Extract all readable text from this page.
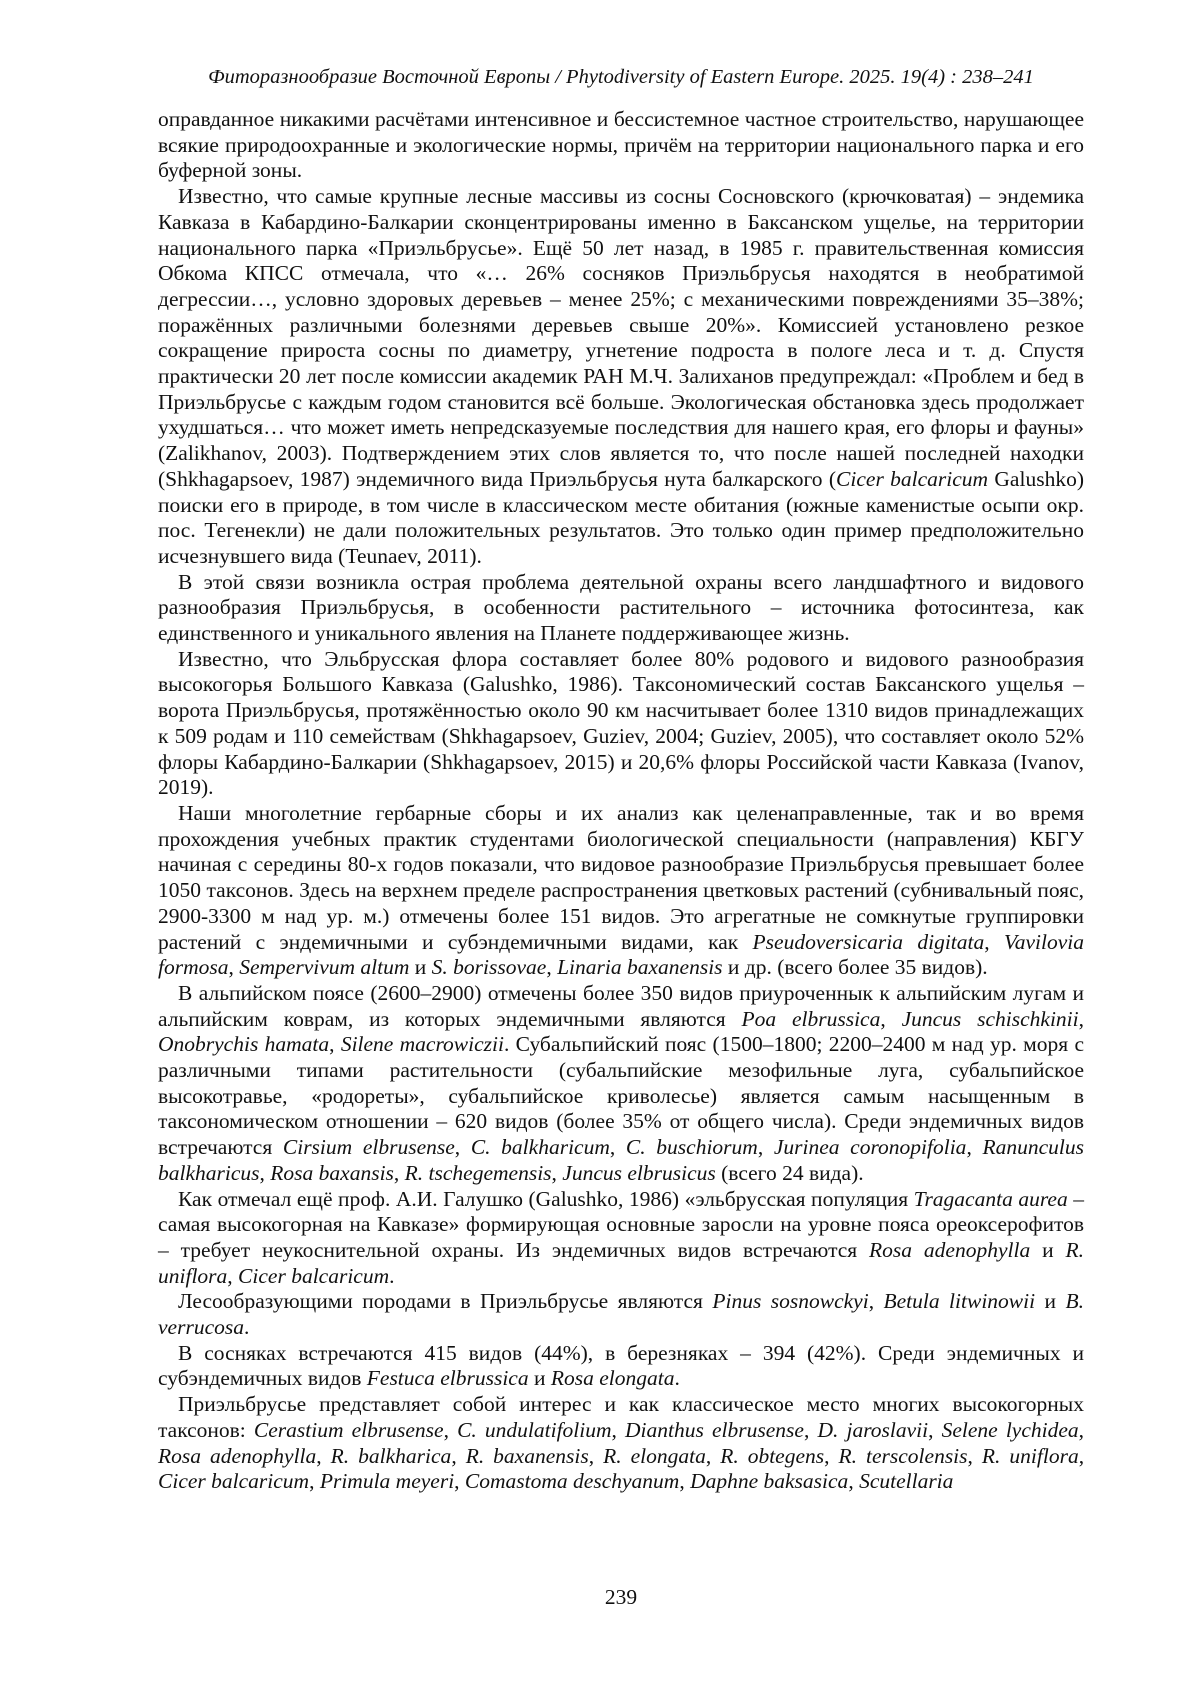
Фиторазнообразие Восточной Европы / Phytodiversity of Eastern Europe. 2025. 19(4) : 238–241

оправданное никакими расчётами интенсивное и бессистемное частное строительство, нарушающее всякие природоохранные и экологические нормы, причём на территории национального парка и его буферной зоны.

Известно, что самые крупные лесные массивы из сосны Сосновского (крючковатая) – эндемика Кавказа в Кабардино-Балкарии сконцентрированы именно в Баксанском ущелье, на территории национального парка «Приэльбрусье». Ещё 50 лет назад, в 1985 г. правительственная комиссия Обкома КПСС отмечала, что «… 26% сосняков Приэльбрусья находятся в необратимой дегрессии…, условно здоровых деревьев – менее 25%; с механическими повреждениями 35–38%; поражённых различными болезнями деревьев свыше 20%». Комиссией установлено резкое сокращение прироста сосны по диаметру, угнетение подроста в пологе леса и т. д. Спустя практически 20 лет после комиссии академик РАН М.Ч. Залиханов предупреждал: «Проблем и бед в Приэльбрусье с каждым годом становится всё больше. Экологическая обстановка здесь продолжает ухудшаться… что может иметь непредсказуемые последствия для нашего края, его флоры и фауны» (Zalikhanov, 2003). Подтверждением этих слов является то, что после нашей последней находки (Shkhagapsoev, 1987) эндемичного вида Приэльбрусья нута балкарского (Cicer balcaricum Galushko) поиски его в природе, в том числе в классическом месте обитания (южные каменистые осыпи окр. пос. Тегенекли) не дали положительных результатов. Это только один пример предположительно исчезнувшего вида (Teunaev, 2011).

В этой связи возникла острая проблема деятельной охраны всего ландшафтного и видового разнообразия Приэльбрусья, в особенности растительного – источника фотосинтеза, как единственного и уникального явления на Планете поддерживающее жизнь.

Известно, что Эльбрусская флора составляет более 80% родового и видового разнообразия высокогорья Большого Кавказа (Galushko, 1986). Таксономический состав Баксанского ущелья – ворота Приэльбрусья, протяжённостью около 90 км насчитывает более 1310 видов принадлежащих к 509 родам и 110 семействам (Shkhagapsoev, Guziev, 2004; Guziev, 2005), что составляет около 52% флоры Кабардино-Балкарии (Shkhagapsoev, 2015) и 20,6% флоры Российской части Кавказа (Ivanov, 2019).

Наши многолетние гербарные сборы и их анализ как целенаправленные, так и во время прохождения учебных практик студентами биологической специальности (направления) КБГУ начиная с середины 80-х годов показали, что видовое разнообразие Приэльбрусья превышает более 1050 таксонов. Здесь на верхнем пределе распространения цветковых растений (субнивальный пояс, 2900-3300 м над ур. м.) отмечены более 151 видов. Это агрегатные не сомкнутые группировки растений с эндемичными и субэндемичными видами, как Pseudoversicaria digitata, Vavilovia formosa, Sempervivum altum и S. borissovae, Linaria baxanensis и др. (всего более 35 видов).

В альпийском поясе (2600–2900) отмечены более 350 видов приуроченнык к альпийским лугам и альпийским коврам, из которых эндемичными являются Poa elbrussica, Juncus schischkinii, Onobrychis hamata, Silene macrowiczii. Субальпийский пояс (1500–1800; 2200–2400 м над ур. моря с различными типами растительности (субальпийские мезофильные луга, субальпийское высокотравье, «родореты», субальпийское криволесье) является самым насыщенным в таксономическом отношении – 620 видов (более 35% от общего числа). Среди эндемичных видов встречаются Cirsium elbrusense, C. balkharicum, C. buschiorum, Jurinea coronopifolia, Ranunculus balkharicus, Rosa baxansis, R. tschegemensis, Juncus elbrusicus (всего 24 вида).

Как отмечал ещё проф. А.И. Галушко (Galushko, 1986) «эльбрусская популяция Tragacanta aurea – самая высокогорная на Кавказе» формирующая основные заросли на уровне пояса ореоксерофитов – требует неукоснительной охраны. Из эндемичных видов встречаются Rosa adenophylla и R. uniflora, Cicer balcaricum.

Лесообразующими породами в Приэльбрусье являются Pinus sosnowckyi, Betula litwinowii и B. verrucosa.

В сосняках встречаются 415 видов (44%), в березняках – 394 (42%). Среди эндемичных и субэндемичных видов Festuca elbrussica и Rosa elongata.

Приэльбрусье представляет собой интерес и как классическое место многих высокогорных таксонов: Cerastium elbrusense, C. undulatifolium, Dianthus elbrusense, D. jaroslavii, Selene lychidea, Rosa adenophylla, R. balkharica, R. baxanensis, R. elongata, R. obtegens, R. terscolensis, R. uniflora, Cicer balcaricum, Primula meyeri, Comastoma deschyanum, Daphne baksasica, Scutellaria

239
